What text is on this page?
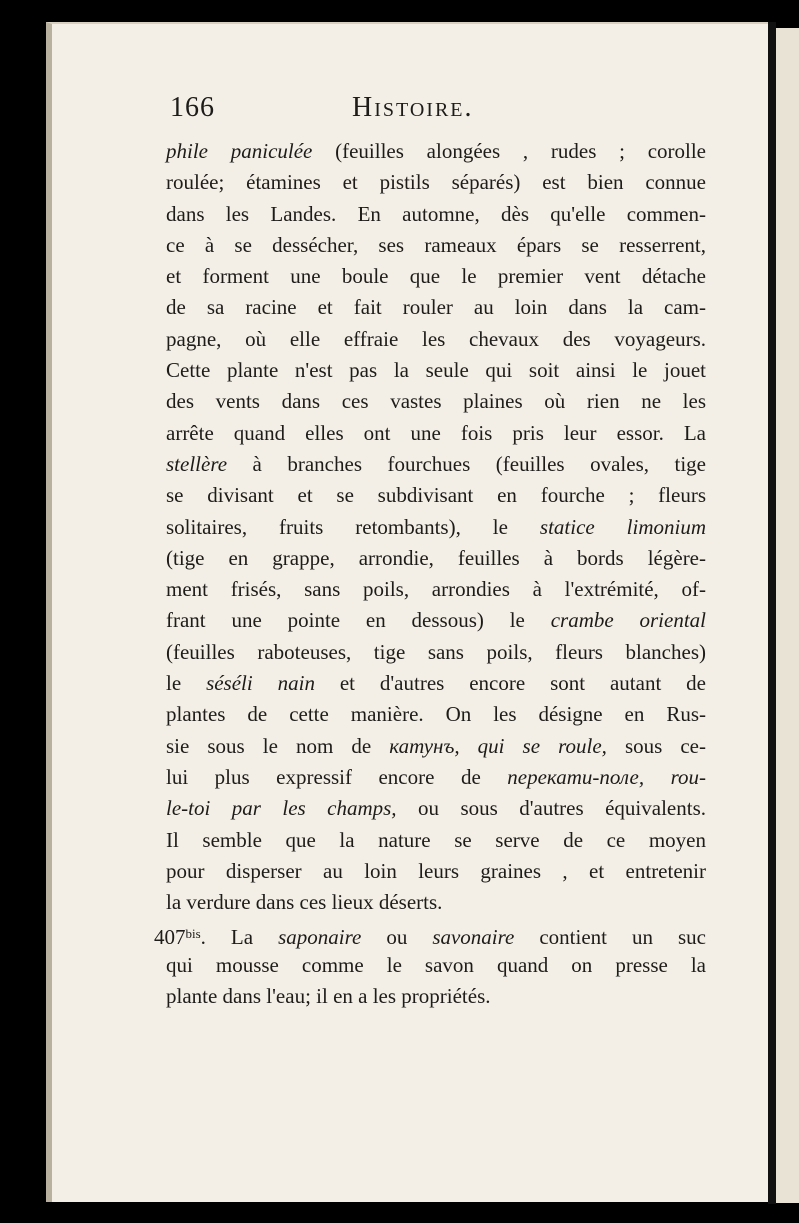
166	Histoire.
phile paniculée (feuilles alongées , rudes ; corolle
roulée; étamines et pistils séparés) est bien connue
dans les Landes. En automne, dès qu'elle commen-
ce à se dessécher, ses rameaux épars se resserrent,
et forment une boule que le premier vent détache
de sa racine et fait rouler au loin dans la cam-
pagne, où elle effraie les chevaux des voyageurs.
Cette plante n'est pas la seule qui soit ainsi le jouet
des vents dans ces vastes plaines où rien ne les
arrête quand elles ont une fois pris leur essor. La
stellère à branches fourchues (feuilles ovales, tige
se divisant et se subdivisant en fourche ; fleurs
solitaires, fruits retombants), le statice limonium
(tige en grappe, arrondie, feuilles à bords légère-
ment frisés, sans poils, arrondies à l'extrémité, of-
frant une pointe en dessous) le crambe oriental
(feuilles raboteuses, tige sans poils, fleurs blanches)
le séséli nain et d'autres encore sont autant de
plantes de cette manière. On les désigne en Rus-
sie sous le nom de катунъ, qui se roule, sous ce-
lui plus expressif encore de перекати-поле, rou-
le-toi par les champs, ou sous d'autres équivalents.
Il semble que la nature se serve de ce moyen
pour disperser au loin leurs graines , et entretenir
la verdure dans ces lieux déserts.
$407^{bis}$. La saponaire ou savonaire contient un suc
qui mousse comme le savon quand on presse la
plante dans l'eau; il en a les propriétés.
